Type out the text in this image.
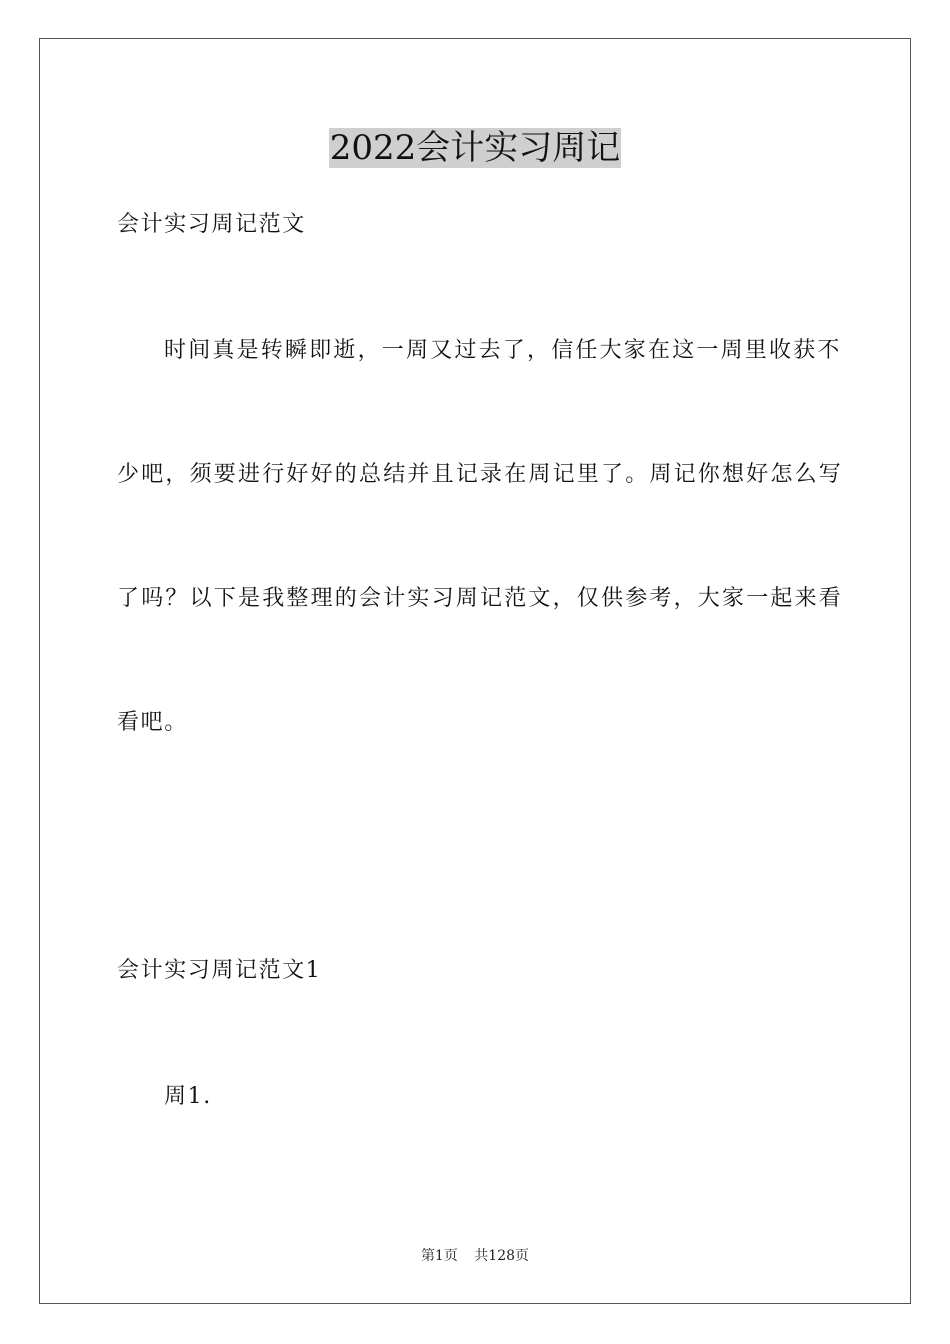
2022会计实习周记
会计实习周记范文
时间真是转瞬即逝，一周又过去了，信任大家在这一周里收获不
少吧，须要进行好好的总结并且记录在周记里了。周记你想好怎么写
了吗？以下是我整理的会计实习周记范文，仅供参考，大家一起来看
看吧。
会计实习周记范文1
周1.
第1页 共128页
